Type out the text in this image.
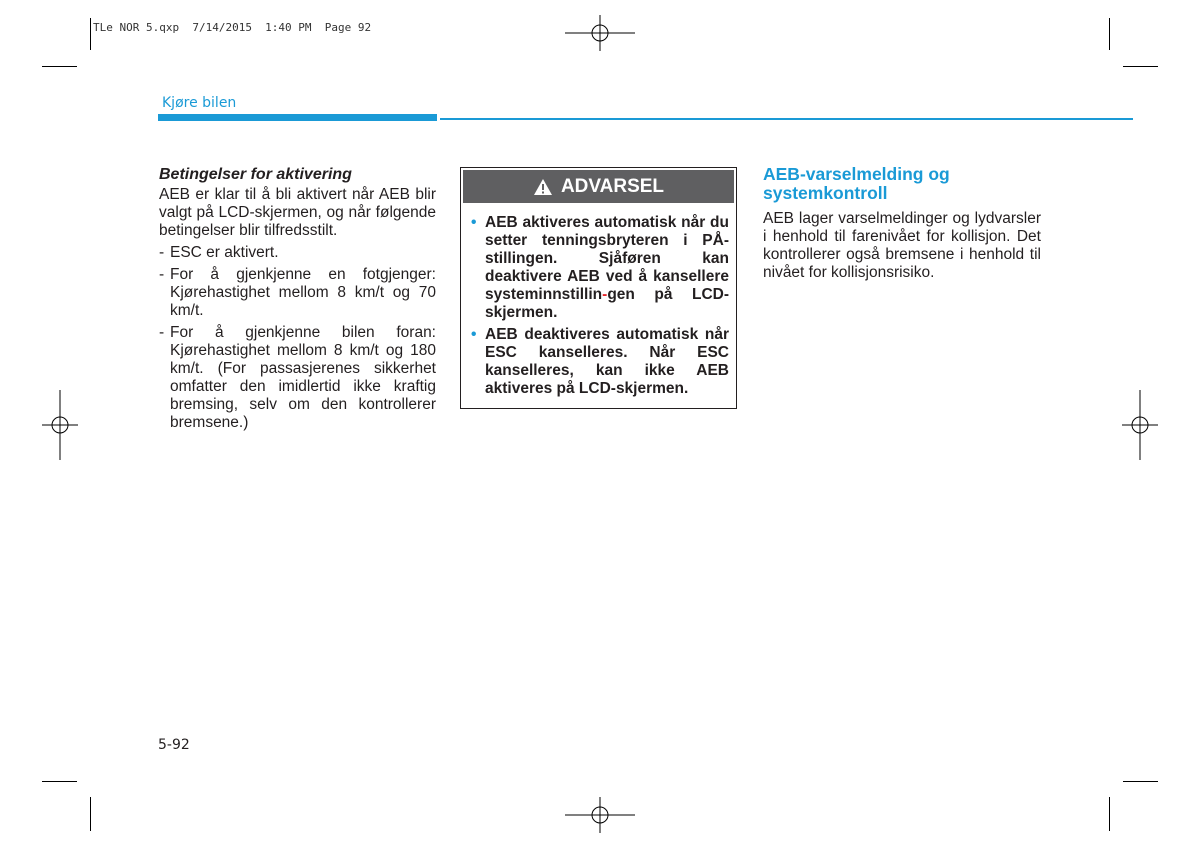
TLe NOR 5.qxp  7/14/2015  1:40 PM  Page 92
Kjøre bilen
Betingelser for aktivering

AEB er klar til å bli aktivert når AEB blir valgt på LCD-skjermen, og når følgende betingelser blir tilfredsstilt.

- ESC er aktivert.
- For å gjenkjenne en fotgjenger: Kjørehastighet mellom 8 km/t og 70 km/t.
- For å gjenkjenne bilen foran: Kjørehastighet mellom 8 km/t og 180 km/t. (For passasjerenes sikkerhet omfatter den imidlertid ikke kraftig bremsing, selv om den kontrollerer bremsene.)
ADVARSEL
• AEB aktiveres automatisk når du setter tenningsbryteren i PÅ-stillingen. Sjåføren kan deaktivere AEB ved å kansellere systeminnstillin-gen på LCD-skjermen.
• AEB deaktiveres automatisk når ESC kanselleres. Når ESC kanselleres, kan ikke AEB aktiveres på LCD-skjermen.
AEB-varselmelding og systemkontroll

AEB lager varselmeldinger og lydvarsler i henhold til farenivået for kollisjon. Det kontrollerer også bremsene i henhold til nivået for kollisjonsrisiko.

5-92
